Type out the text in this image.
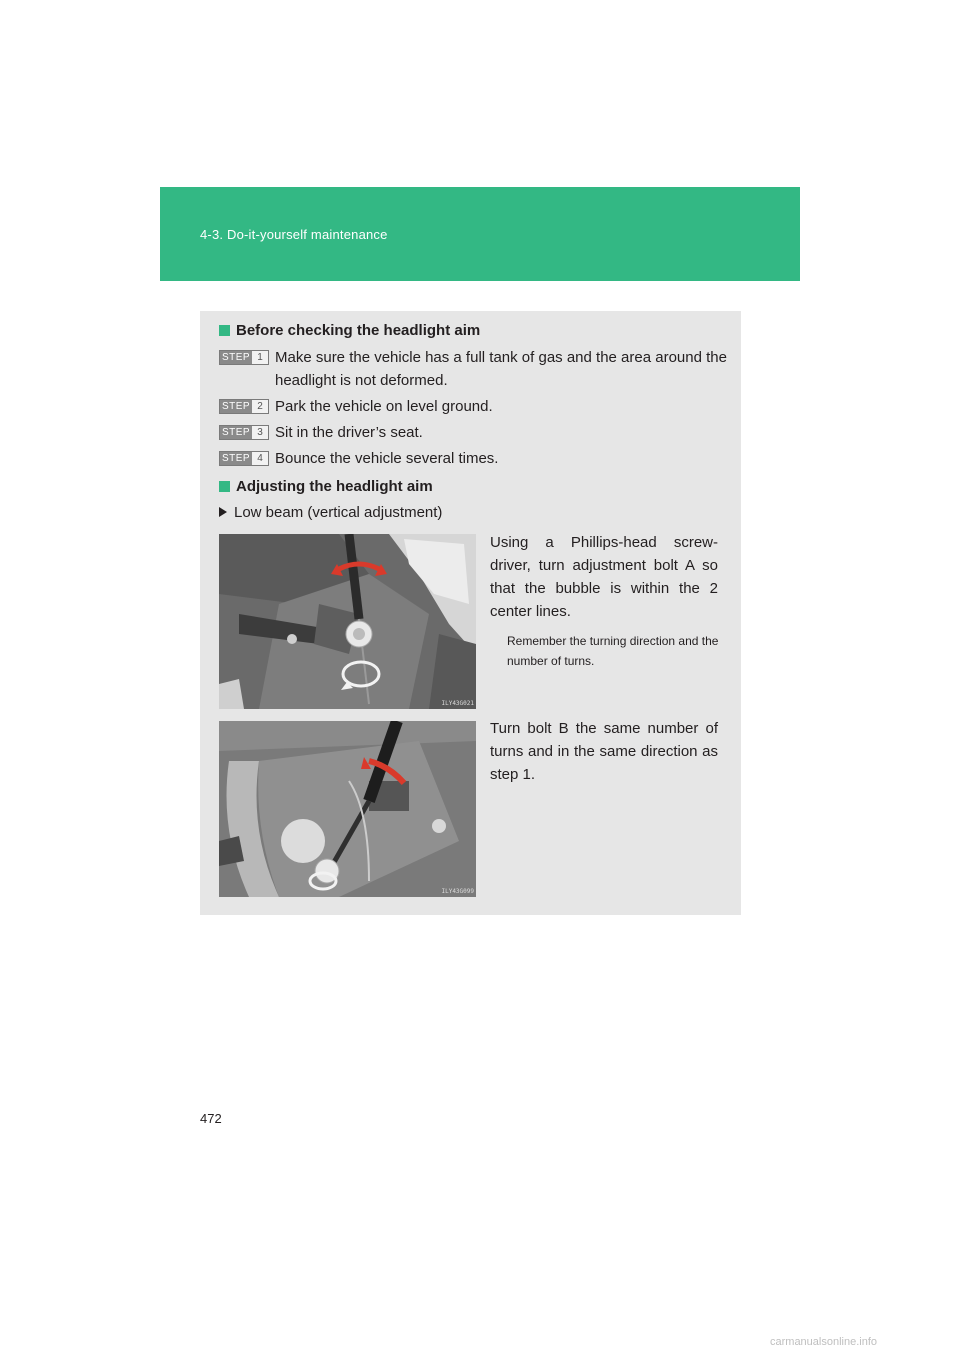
4-3. Do-it-yourself maintenance
Before checking the headlight aim
STEP 1 Make sure the vehicle has a full tank of gas and the area around the headlight is not deformed.
STEP 2 Park the vehicle on level ground.
STEP 3 Sit in the driver’s seat.
STEP 4 Bounce the vehicle several times.
Adjusting the headlight aim
Low beam (vertical adjustment)
ILY43G021
Using a Phillips-head screw-driver, turn adjustment bolt A so that the bubble is within the 2 center lines.
Remember the turning direction and the number of turns.
ILY43G099
Turn bolt B the same number of turns and in the same direction as step 1.
472
carmanualsonline.info
